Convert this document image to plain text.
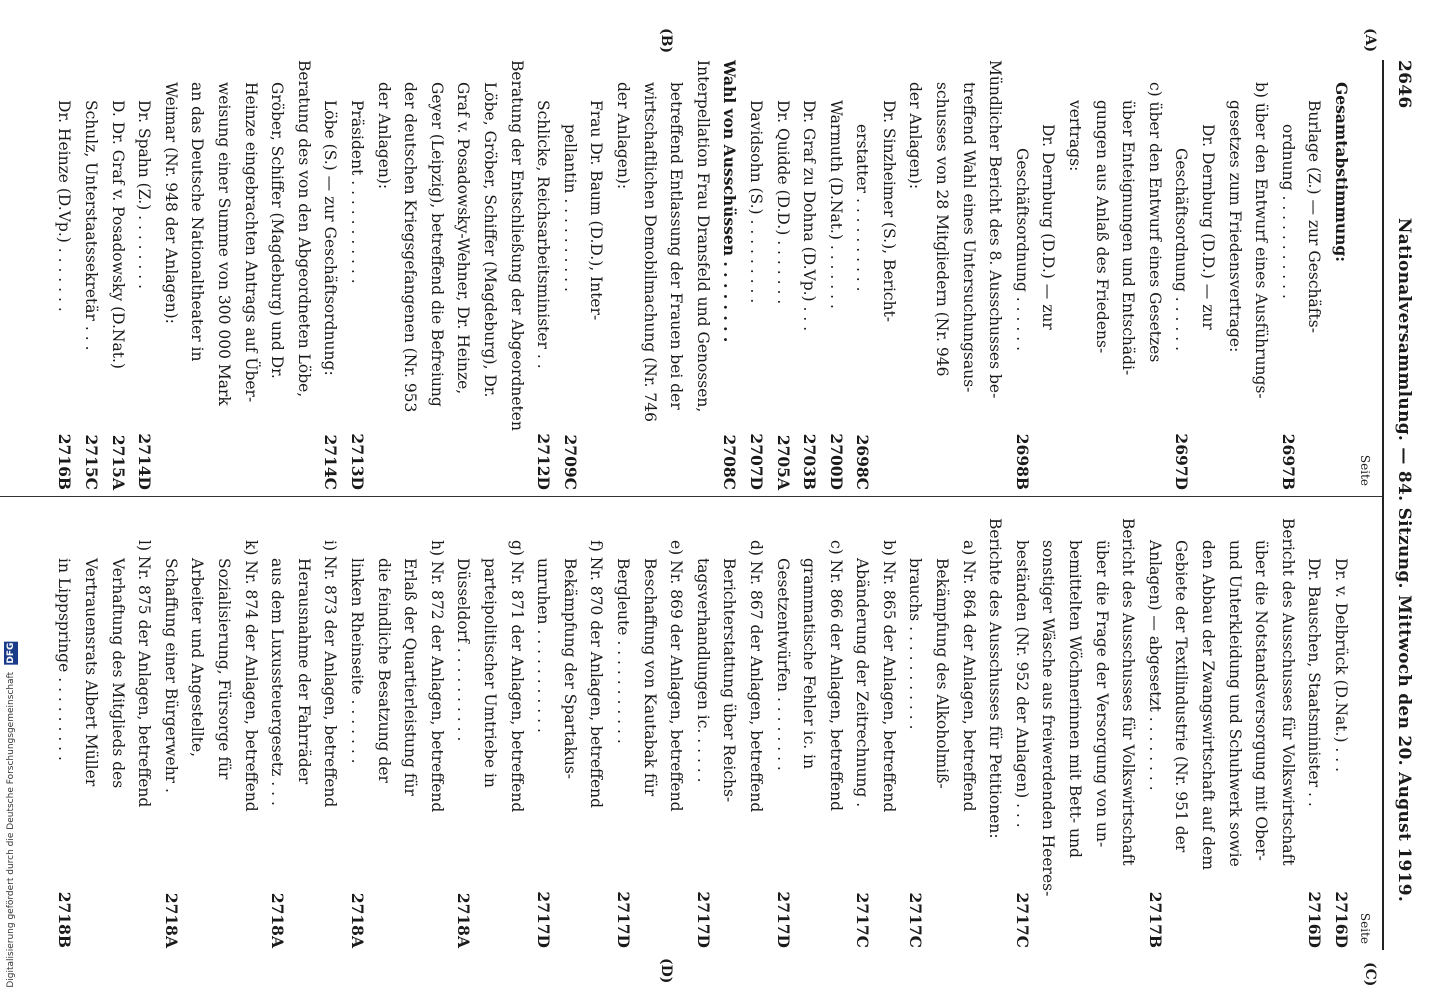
2646
Nationalversammlung. — 84. Sitzung. Mittwoch den 20. August 1919.
(A)
(C)
(B)
(D)
Seite
Gesamtabstimmung:
Burlage (Z.) — zur Geschäfts-
ordnung . . . . . . . . . . .
2697B
b) über den Entwurf eines Ausführungs-
gesetzes zum Friedensvertrage:
Dr. Dernburg (D.D.) — zur
Geschäftsordnung . . . . . .
2697D
c) über den Entwurf eines Gesetzes
über Enteignungen und Entschädi-
gungen aus Anlaß des Friedens-
vertrags:
Dr. Dernburg (D.D.) — zur
Geschäftsordnung . . . . . .
2698B
Mündlicher Bericht des 8. Ausschusses be-
treffend Wahl eines Untersuchungsaus-
schusses von 28 Mitgliedern (Nr. 946
der Anlagen):
Dr. Sinzheimer (S.), Bericht-
erstatter . . . . . . . . . .
2698C
Warmuth (D.Nat.) . . . . . . .
2700D
Dr. Graf zu Dohna (D.Vp.) . . .
2703B
Dr. Quidde (D.D.) . . . . . . .
2705A
Davidsohn (S.) . . . . . . . . .
2707D
Wahl von Ausschüssen . . . . . . . .
2708C
Interpellation Frau Dransfeld und Genossen,
betreffend Entlassung der Frauen bei der
wirtschaftlichen Demobilmachung (Nr. 746
der Anlagen):
Frau Dr. Baum (D.D.), Inter-
pellantin . . . . . . . . . .
2709C
Schlicke, Reichsarbeitsminister . .
2712D
Beratung der Entschließung der Abgeordneten
Löbe, Gröber, Schiffer (Magdeburg), Dr.
Graf v. Posadowsky-Wehner, Dr. Heinze,
Geyer (Leipzig), betreffend die Befreiung
der deutschen Kriegsgefangenen (Nr. 953
der Anlagen):
Präsident . . . . . . . . . . .
2713D
Löbe (S.) — zur Geschäftsordnung:
2714C
Beratung des von den Abgeordneten Löbe,
Gröber, Schiffer (Magdeburg) und Dr.
Heinze eingebrachten Antrags auf Über-
weisung einer Summe von 300 000 Mark
an das Deutsche Nationaltheater in
Weimar (Nr. 948 der Anlagen):
Dr. Spahn (Z.) . . . . . . . .
2714D
D. Dr. Graf v. Posadowsky (D.Nat.)
2715A
Schulz, Unterstaatssekretär . . .
2715C
Dr. Heinze (D.Vp.) . . . . . . .
2716B
Seite
Dr. v. Delbrück (D.Nat.) . . .
2716D
Dr. Bauschen, Staatsminister . .
2716D
Bericht des Ausschusses für Volkswirtschaft
über die Notstandsversorgung mit Ober-
und Unterkleidung und Schuhwerk sowie
den Abbau der Zwangswirtschaft auf dem
Gebiete der Textilindustrie (Nr. 951 der
Anlagen) — abgesetzt . . . . . . . .
2717B
Bericht des Ausschusses für Volkswirtschaft
über die Frage der Versorgung von un-
bemittelten Wöchnerinnen mit Bett- und
sonstiger Wäsche aus freiwerdenden Heeres-
beständen (Nr. 952 der Anlagen) . . .
2717C
Berichte des Ausschusses für Petitionen:
a) Nr. 864 der Anlagen, betreffend
Bekämpfung des Alkoholmiß-
brauchs . . . . . . . . . . .
2717C
b) Nr. 865 der Anlagen, betreffend
Abänderung der Zeitrechnung .
2717C
c) Nr. 866 der Anlagen, betreffend
grammatische Fehler ic. in
Gesetzentwürfen . . . . . . . .
2717D
d) Nr. 867 der Anlagen, betreffend
Berichterstattung über Reichs-
tagsverhandlungen ic. . . . . .
2717D
e) Nr. 869 der Anlagen, betreffend
Beschaffung von Kautabak für
Bergleute . . . . . . . . . . .
2717D
f) Nr. 870 der Anlagen, betreffend
Bekämpfung der Spartakus-
unruhen . . . . . . . . . . .
2717D
g) Nr. 871 der Anlagen, betreffend
parteipolitischer Umtriebe in
Düsseldorf . . . . . . . . . .
2718A
h) Nr. 872 der Anlagen, betreffend
Erlaß der Quartierleistung für
die feindliche Besatzung der
linken Rheinseite . . . . . . .
2718A
i) Nr. 873 der Anlagen, betreffend
Herausnahme der Fahrräder
aus dem Luxussteuergesetz . . .
2718A
k) Nr. 874 der Anlagen, betreffend
Sozialisierung, Fürsorge für
Arbeiter und Angestellte,
Schaffung einer Bürgerwehr .
2718A
l) Nr. 875 der Anlagen, betreffend
Verhaftung des Mitglieds des
Vertrauensrats Albert Müller
in Lippspringe . . . . . . . . .
2718B
Digitalisierung gefördert durch die Deutsche Forschungsgemeinschaft DFG
